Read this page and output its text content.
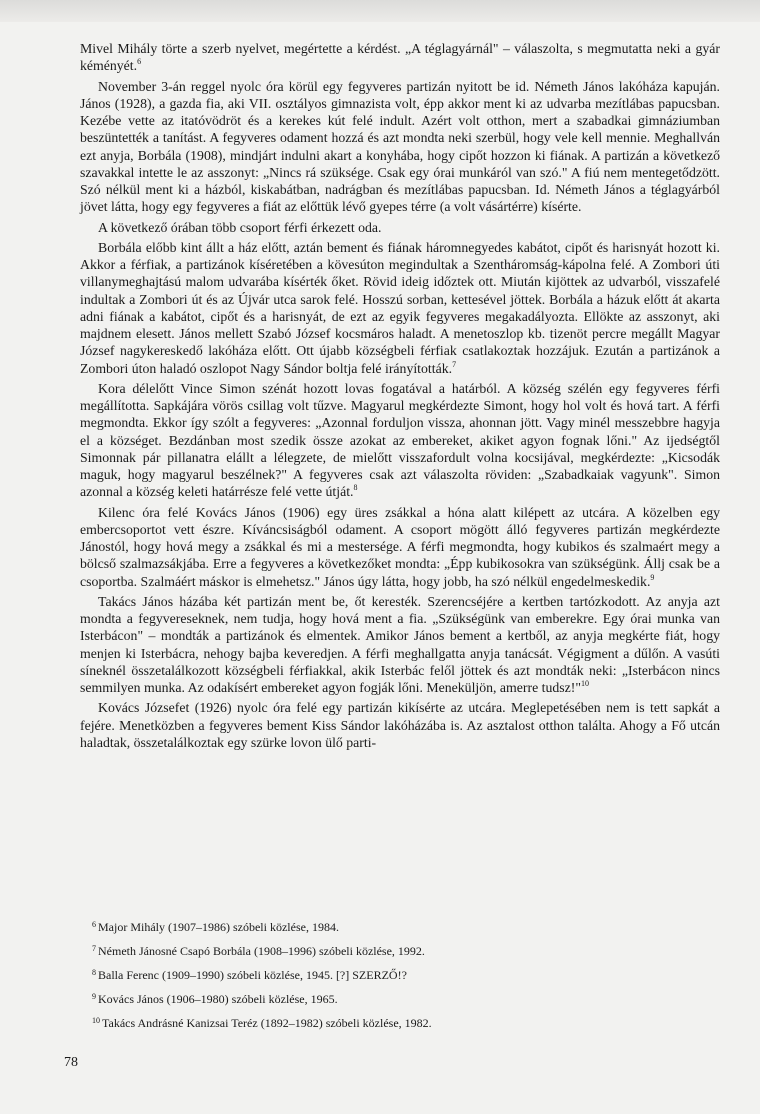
Mivel Mihály törte a szerb nyelvet, megértette a kérdést. „A téglagyárnál" – válaszolta, s megmutatta neki a gyár kéményét.$^6$

November 3-án reggel nyolc óra körül egy fegyveres partizán nyitott be id. Németh János lakóháza kapuján. János (1928), a gazda fia, aki VII. osztályos gimnazista volt, épp akkor ment ki az udvarba mezítlábas papucsban. Kezébe vette az itatóvödröt és a kerekes kút felé indult. Azért volt otthon, mert a szabadkai gimnáziumban beszüntették a tanítást. A fegyveres odament hozzá és azt mondta neki szerbül, hogy vele kell mennie. Meghallván ezt anyja, Borbála (1908), mindjárt indulni akart a konyhába, hogy cipőt hozzon ki fiának. A partizán a következő szavakkal intette le az asszonyt: „Nincs rá szüksége. Csak egy órai munkáról van szó." A fiú nem mentegetődzött. Szó nélkül ment ki a házból, kiskabátban, nadrágban és mezítlábas papucsban. Id. Németh János a téglagyárból jövet látta, hogy egy fegyveres a fiát az előttük lévő gyepes térre (a volt vásártérre) kísérte.

A következő órában több csoport férfi érkezett oda.

Borbála előbb kint állt a ház előtt, aztán bement és fiának háromnegyedes kabátot, cipőt és harisnyát hozott ki. Akkor a férfiak, a partizánok kíséretében a kövesúton megindultak a Szentháromság-kápolna felé. A Zombori úti villanymeghajtású malom udvarába kísérték őket. Rövid ideig időztek ott. Miután kijöttek az udvarból, visszafelé indultak a Zombori út és az Újvár utca sarok felé. Hosszú sorban, kettesével jöttek. Borbála a házuk előtt át akarta adni fiának a kabátot, cipőt és a harisnyát, de ezt az egyik fegyveres megakadályozta. Ellökte az asszonyt, aki majdnem elesett. János mellett Szabó József kocsmáros haladt. A menetoszlop kb. tizenöt percre megállt Magyar József nagykereskedő lakóháza előtt. Ott újabb községbeli férfiak csatlakoztak hozzájuk. Ezután a partizánok a Zombori úton haladó oszlopot Nagy Sándor boltja felé irányították.$^7$

Kora délelőtt Vince Simon szénát hozott lovas fogatával a határból. A község szélén egy fegyveres férfi megállította. Sapkájára vörös csillag volt tűzve. Magyarul megkérdezte Simont, hogy hol volt és hová tart. A férfi megmondta. Ekkor így szólt a fegyveres: „Azonnal forduljon vissza, ahonnan jött. Vagy minél messzebbre hagyja el a községet. Bezdánban most szedik össze azokat az embereket, akiket agyon fognak lőni." Az ijedségtől Simonnak pár pillanatra elállt a lélegzete, de mielőtt visszafordult volna kocsijával, megkérdezte: „Kicsodák maguk, hogy magyarul beszélnek?" A fegyveres csak azt válaszolta röviden: „Szabadkaiak vagyunk". Simon azonnal a község keleti határrésze felé vette útját.$^8$

Kilenc óra felé Kovács János (1906) egy üres zsákkal a hóna alatt kilépett az utcára. A közelben egy embercsoportot vett észre. Kíváncsiságból odament. A csoport mögött álló fegyveres partizán megkérdezte Jánostól, hogy hová megy a zsákkal és mi a mestersége. A férfi megmondta, hogy kubikos és szalmaért megy a bölcső szalmazsákjába. Erre a fegyveres a következőket mondta: „Épp kubikosokra van szükségünk. Állj csak be a csoportba. Szalmáért máskor is elmehetsz." János úgy látta, hogy jobb, ha szó nélkül engedelmeskedik.$^9$

Takács János házába két partizán ment be, őt keresték. Szerencséjére a kertben tartózkodott. Az anyja azt mondta a fegyvereseknek, nem tudja, hogy hová ment a fia. „Szükségünk van emberekre. Egy órai munka van Isterbácon" – mondták a partizánok és elmentek. Amikor János bement a kertből, az anyja megkérte fiát, hogy menjen ki Isterbácra, nehogy bajba keveredjen. A férfi meghallgatta anyja tanácsát. Végigment a dűlőn. A vasúti síneknél összetalálkozott községbeli férfiakkal, akik Isterbác felől jöttek és azt mondták neki: „Isterbácon nincs semmilyen munka. Az odakísért embereket agyon fogják lőni. Meneküljön, amerre tudsz!"$^{10}$

Kovács Józsefet (1926) nyolc óra felé egy partizán kikísérte az utcára. Meglepetésében nem is tett sapkát a fejére. Menetközben a fegyveres bement Kiss Sándor lakóházába is. Az asztalost otthon találta. Ahogy a Fő utcán haladtak, összetalálkoztak egy szürke lovon ülő parti-

$^6$ Major Mihály (1907–1986) szóbeli közlése, 1984.

$^7$ Németh Jánosné Csapó Borbála (1908–1996) szóbeli közlése, 1992.

$^8$ Balla Ferenc (1909–1990) szóbeli közlése, 1945. [?] SZERZŐ!?

$^9$ Kovács János (1906–1980) szóbeli közlése, 1965.

$^{10}$ Takács Andrásné Kanizsai Teréz (1892–1982) szóbeli közlése, 1982.

78
